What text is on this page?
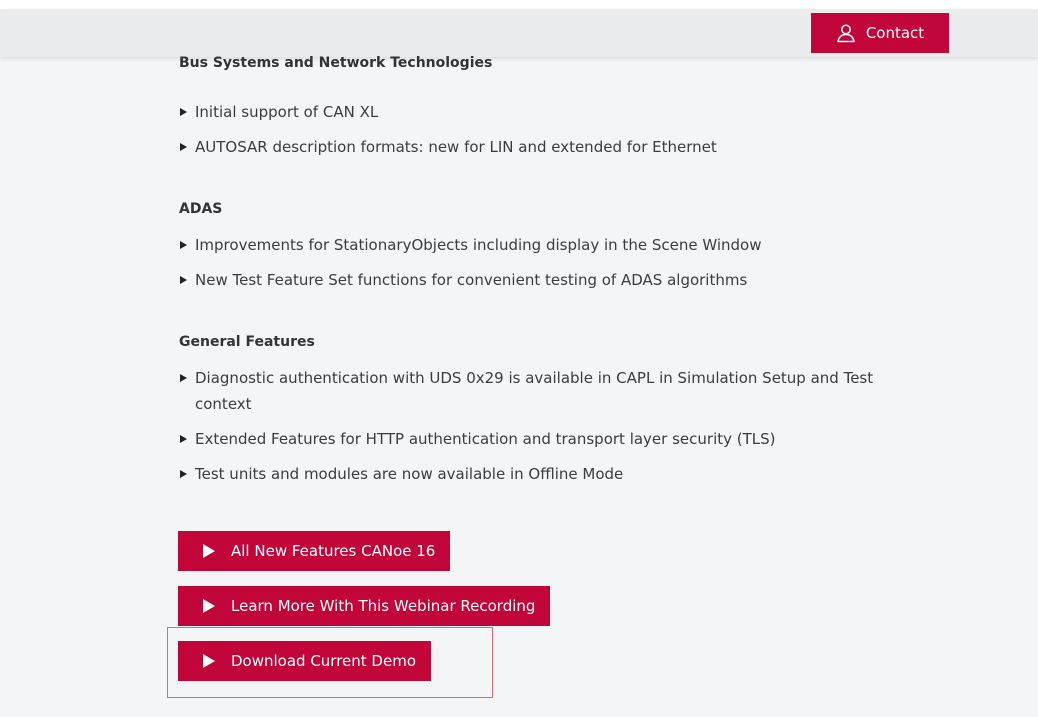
Contact
Bus Systems and Network Technologies
Initial support of CAN XL
AUTOSAR description formats: new for LIN and extended for Ethernet
ADAS
Improvements for StationaryObjects including display in the Scene Window
New Test Feature Set functions for convenient testing of ADAS algorithms
General Features
Diagnostic authentication with UDS 0x29 is available in CAPL in Simulation Setup and Test context
Extended Features for HTTP authentication and transport layer security (TLS)
Test units and modules are now available in Offline Mode
All New Features CANoe 16
Learn More With This Webinar Recording
Download Current Demo
